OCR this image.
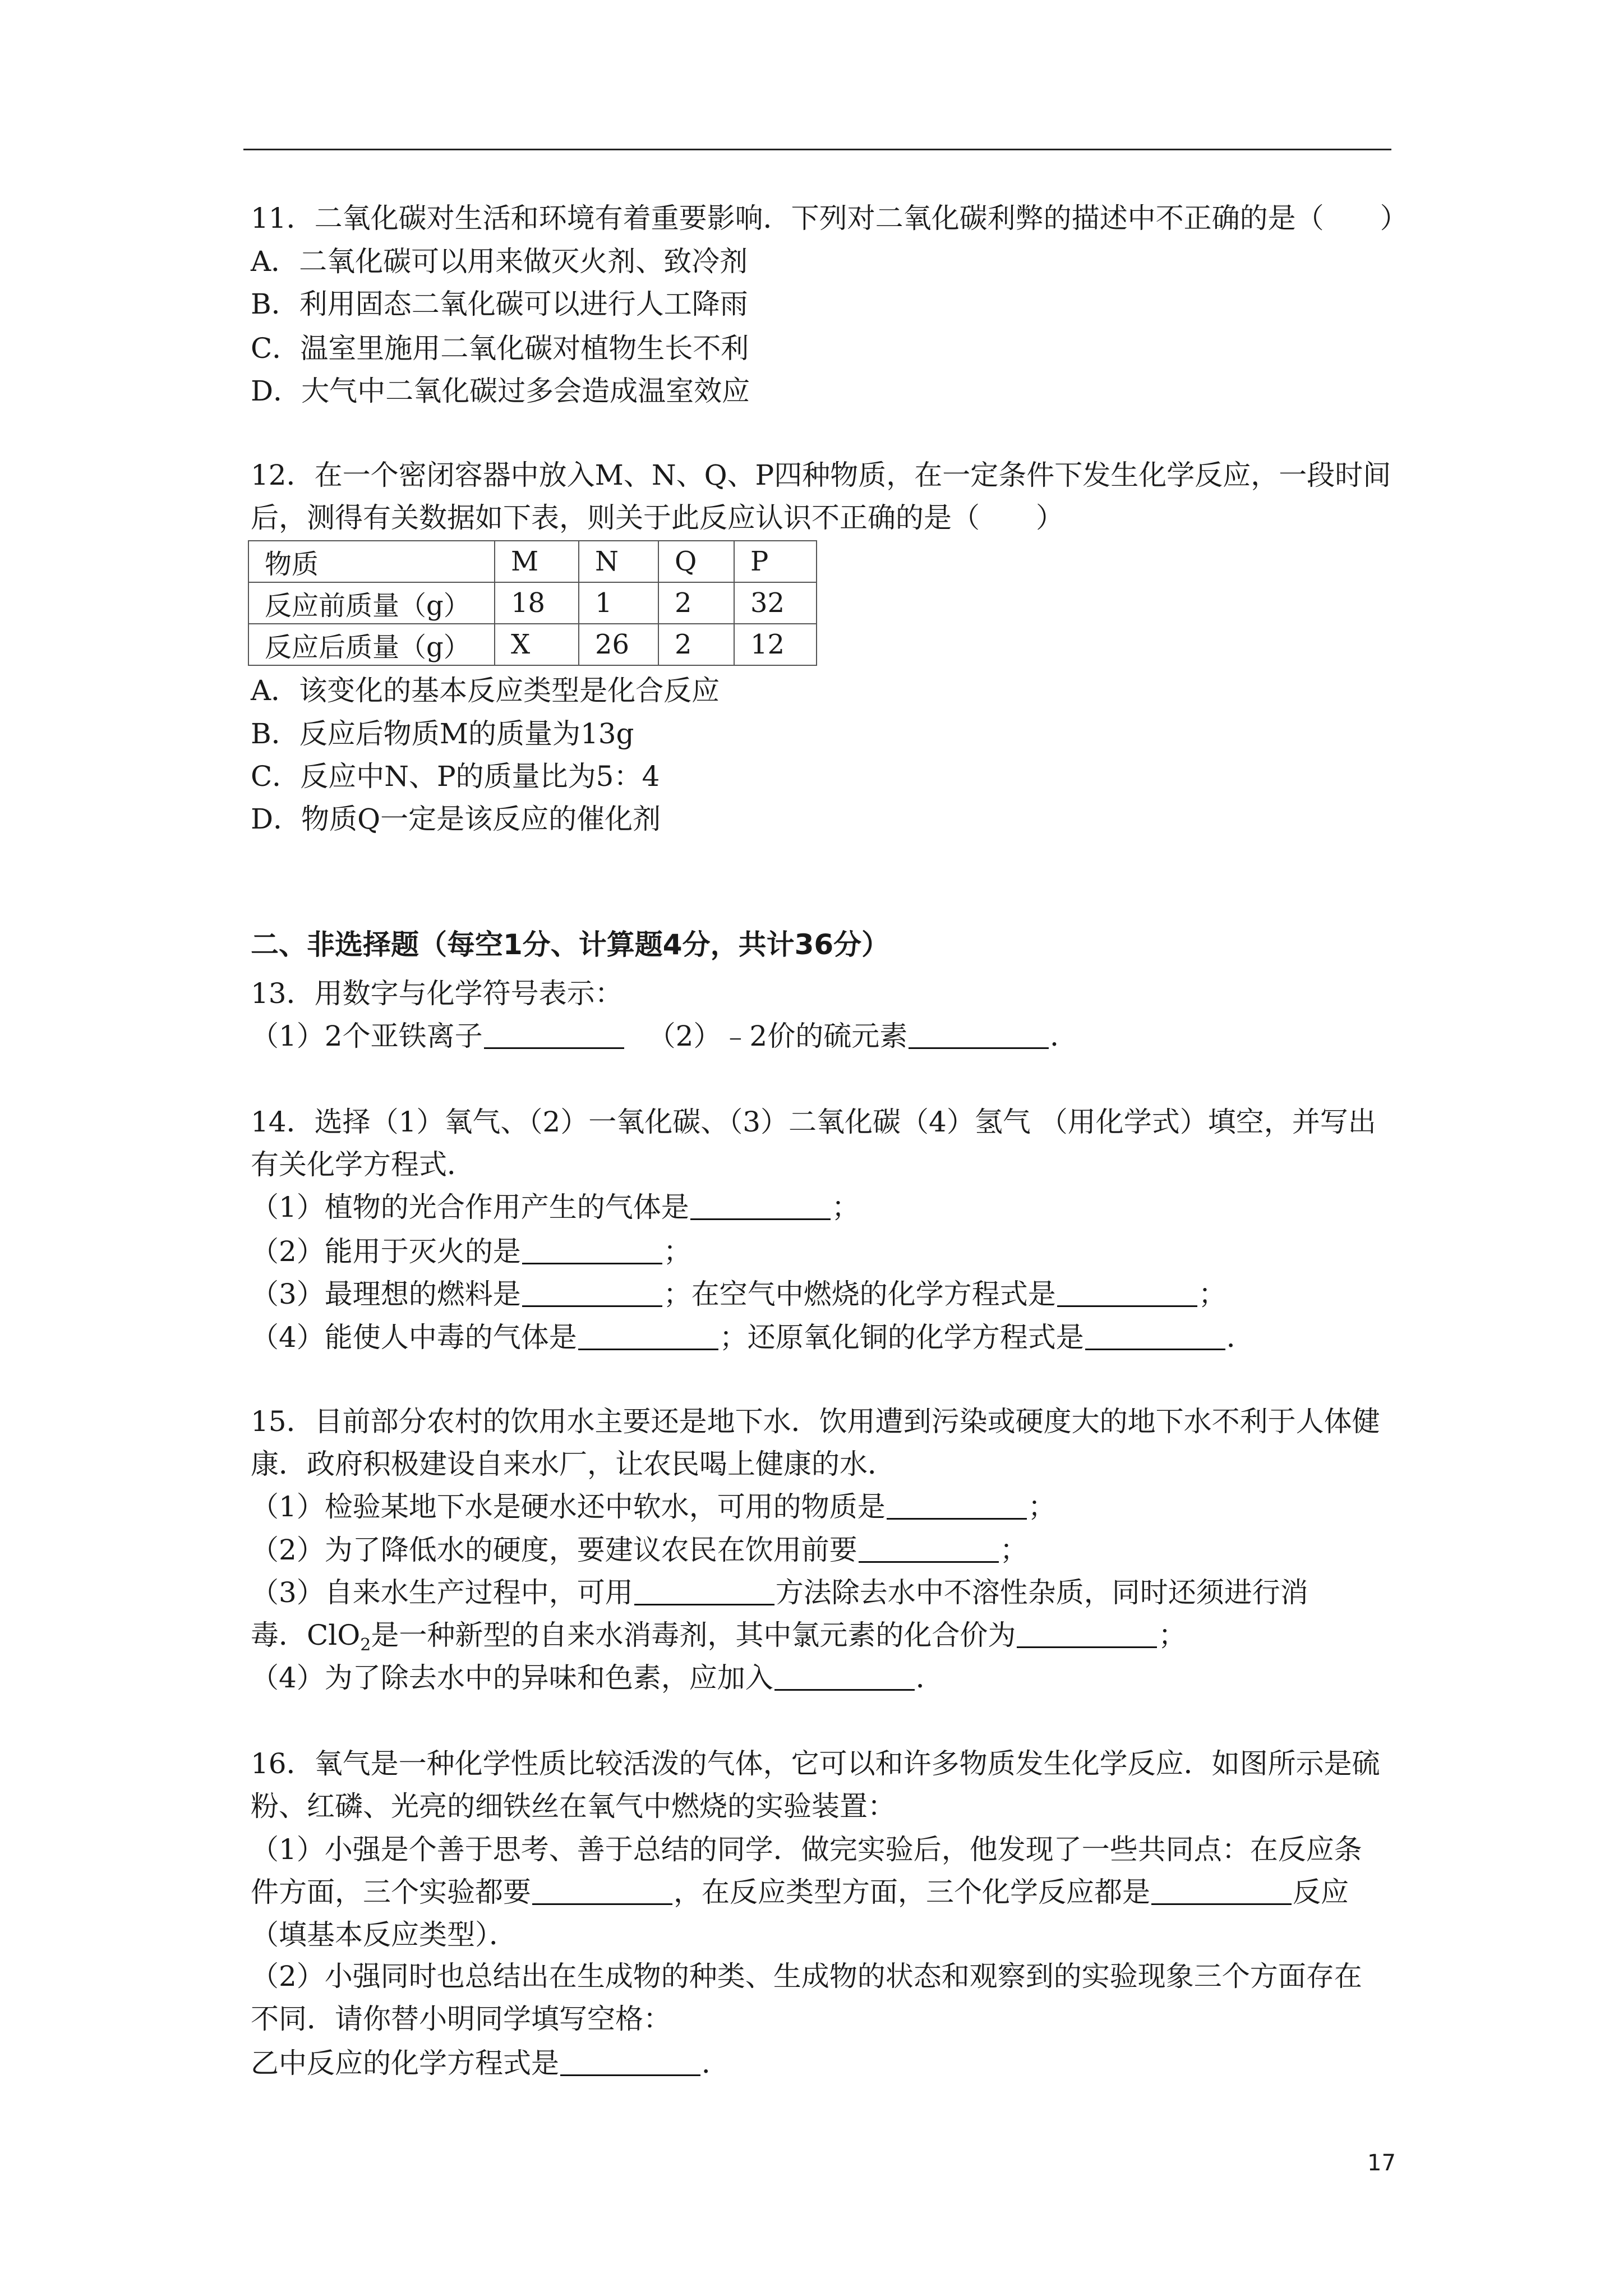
11．二氧化碳对生活和环境有着重要影响．下列对二氧化碳利弊的描述中不正确的是（　　）
A．二氧化碳可以用来做灭火剂、致冷剂
B．利用固态二氧化碳可以进行人工降雨
C．温室里施用二氧化碳对植物生长不利
D．大气中二氧化碳过多会造成温室效应
12．在一个密闭容器中放入M、N、Q、P四种物质，在一定条件下发生化学反应，一段时间
后，测得有关数据如下表，则关于此反应认识不正确的是（　　）
物质	M	N	Q	P
反应前质量（g）	18	1	2	32
反应后质量（g）	X	26	2	12
A．该变化的基本反应类型是化合反应
B．反应后物质M的质量为13g
C．反应中N、P的质量比为5：4
D．物质Q一定是该反应的催化剂
二、非选择题（每空1分、计算题4分，共计36分）
13．用数字与化学符号表示：
（1）2个亚铁离子	（2）﹣2价的硫元素	．
14．选择（1）氧气、（2）一氧化碳、（3）二氧化碳（4）氢气 （用化学式）填空，并写出
有关化学方程式．
（1）植物的光合作用产生的气体是	；
（2）能用于灭火的是	；
（3）最理想的燃料是	；在空气中燃烧的化学方程式是	；
（4）能使人中毒的气体是	；还原氧化铜的化学方程式是	．
15．目前部分农村的饮用水主要还是地下水．饮用遭到污染或硬度大的地下水不利于人体健
康．政府积极建设自来水厂，让农民喝上健康的水．
（1）检验某地下水是硬水还中软水，可用的物质是	；
（2）为了降低水的硬度，要建议农民在饮用前要	；
（3）自来水生产过程中，可用	方法除去水中不溶性杂质，同时还须进行消
毒．ClO$_2$是一种新型的自来水消毒剂，其中氯元素的化合价为	；
（4）为了除去水中的异味和色素，应加入	．
16．氧气是一种化学性质比较活泼的气体，它可以和许多物质发生化学反应．如图所示是硫
粉、红磷、光亮的细铁丝在氧气中燃烧的实验装置：
（1）小强是个善于思考、善于总结的同学．做完实验后，他发现了一些共同点：在反应条
件方面，三个实验都要	，在反应类型方面，三个化学反应都是	反应
（填基本反应类型）．
（2）小强同时也总结出在生成物的种类、生成物的状态和观察到的实验现象三个方面存在
不同．请你替小明同学填写空格：
乙中反应的化学方程式是	．
17
